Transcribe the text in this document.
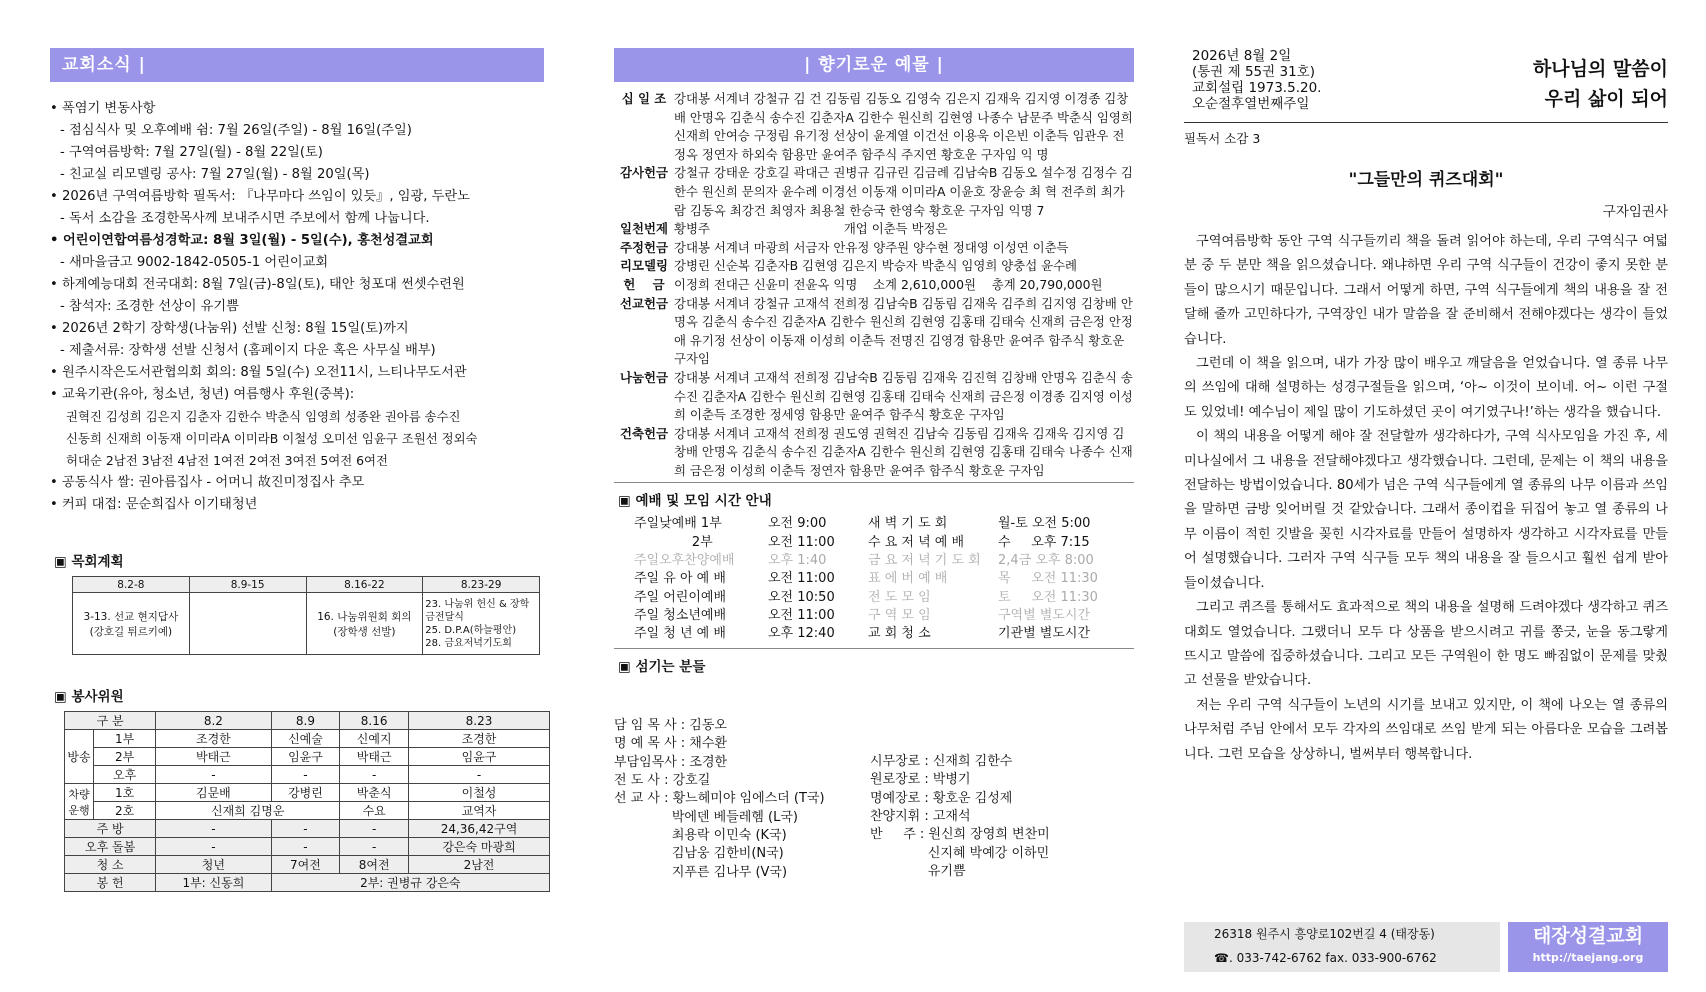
교회소식 |
• 폭염기 변동사항
- 점심식사 및 오후예배 쉼: 7월 26일(주일) - 8월 16일(주일)
- 구역여름방학: 7월 27일(월) - 8월 22일(토)
- 친교실 리모델링 공사: 7월 27일(월) - 8월 20일(목)
• 2026년 구역여름방학 필독서: 『나무마다 쓰임이 있듯』, 임광, 두란노
- 독서 소감을 조경한목사께 보내주시면 주보에서 함께 나눕니다.
• 어린이연합여름성경학교: 8월 3일(월) - 5일(수), 홍천성결교회
- 새마을금고 9002-1842-0505-1 어린이교회
• 하계예능대회 전국대회: 8월 7일(금)-8일(토), 태안 청포대 썬셋수련원
- 참석자: 조경한 선상이 유기쁨
• 2026년 2학기 장학생(나눔위) 선발 신청: 8월 15일(토)까지
- 제출서류: 장학생 선발 신청서 (홈페이지 다운 혹은 사무실 배부)
• 원주시작은도서관협의회 회의: 8월 5일(수) 오전11시, 느티나무도서관
• 교육기관(유아, 청소년, 청년) 여름행사 후원(중복):
권혁진 김성희 김은지 김춘자 김한수 박춘식 임영희 성종완 권아름 송수진
신동희 신재희 이동재 이미라A 이미라B 이철성 오미선 임윤구 조원선 정외숙
허대순 2남전 3남전 4남전 1여전 2여전 3여전 5여전 6여전
• 공동식사 쌀: 권아름집사 - 어머니 故진미정집사 추모
• 커피 대접: 문순희집사 이기태청년
▣ 목회계획
8.2-8	8.9-15	8.16-22	8.23-29
3-13. 선교 현지답사 (강호길 튀르키예)		16. 나눔위원회 회의 (장학생 선발)	23. 나눔위 헌신 & 장학금전달식
25. D.P.A(하늘평안)
28. 금요저녁기도회
▣ 봉사위원
구 분		8.2	8.9	8.16	8.23
방송	1부	조경한	신예술	신예지	조경한
	2부	박태근	임윤구	박태근	임윤구
	오후	-	-	-	-
차량 운행	1호	김문배	강병린	박춘식	이철성
	2호	신재희 김명운		수요	교역자
주 방		-	-	-	24,36,42구역
오후 돌봄		-	-	-	강은숙 마광희
청 소		청년	7여전	8여전	2남전
봉 헌		1부: 신동희	2부: 권병규 강은숙		
| 향기로운 예물 |
십 일 조 강대봉 서계녀 강철규 김 건 김동림 김동오 김영숙 김은지 김재욱 김지영 이경종 김창배 안명옥 김춘식 송수진 김춘자A 김한수 원신희 김현영 나종수 남문주 박춘식 임영희 신재희 안여승 구정림 유기정 선상이 윤계열 이건선 이용욱 이은빈 이춘득 임관우 전정옥 정연자 하외숙 함용만 윤여주 함주식 주지연 황호운 구자임 익 명
감사헌금 강철규 강태운 강호길 곽대근 권병규 김규린 김금례 김남숙B 김동오 설수정 김정수 김한수 원신희 문의자 윤수례 이경선 이동재 이미라A 이윤호 장윤승 최 혁 전주희 최가람 김동옥 최강건 최영자 최용철 한승국 한영숙 황호운 구자임 익명 7
일천번제 황병주                                  개업 이춘득 박정은
주정헌금 강대봉 서계녀 마광희 서금자 안유정 양주원 양수현 정대영 이성연 이춘득
리모델링 강병린 신순복 김춘자B 김현영 김은지 박승자 박춘식 임영희 양충섭 윤수례
헌    금 이정희 전대근 신윤미 전윤옥 익명    소계 2,610,000원    총계 20,790,000원
선교헌금 강대봉 서계녀 강철규 고재석 전희정 김남숙B 김동림 김재욱 김주희 김지영 김창배 안명옥 김춘식 송수진 김춘자A 김한수 원신희 김현영 김홍태 김태숙 신재희 금은정 안정애 유기정 선상이 이동재 이성희 이춘득 전명진 김영경 함용만 윤여주 함주식 황호운 구자임
나눔헌금 강대봉 서계녀 고재석 전희정 김남숙B 김동림 김재욱 김진혁 김창배 안명옥 김춘식 송수진 김춘자A 김한수 원신희 김현영 김홍태 김태숙 신재희 금은정 이경종 김지영 이성희 이춘득 조경한 정세영 함용만 윤여주 함주식 황호운 구자임
건축헌금 강대봉 서계녀 고재석 전희정 권도영 권혁진 김남숙 김동림 김재욱 김재욱 김지영 김창배 안명옥 김춘식 송수진 김춘자A 김한수 원신희 김현영 김홍태 김태숙 나종수 신재희 금은정 이성희 이춘득 정연자 함용만 윤여주 함주식 황호운 구자임
▣ 예배 및 모임 시간 안내
주일낮예배 1부	오전 9:00	새 벽 기 도 회	월-토 오전 5:00
2부	오전 11:00	수 요 저 녁 예 배	수     오후 7:15
주일오후찬양예배	오후 1:40	금 요 저 녁 기 도 회	2,4금 오후 8:00
주일 유 아 예 배	오전 11:00	표 에 버 예 배	목     오전 11:30
주일 어린이예배	오전 10:50	전 도 모 임	토     오전 11:30
주일 청소년예배	오전 11:00	구 역 모 임	구역별 별도시간
주일 청 년 예 배	오후 12:40	교 회 청 소	기관별 별도시간
▣ 섬기는 분들

담 임 목 사 : 김동오
명 예 목 사 : 채수환
부담임목사 : 조경한
전 도 사 : 강호길
선 교 사 : 황느헤미야 임에스더 (T국)
박에덴 베들레헴 (L국)
최용락 이민숙 (K국)
김남웅 김한비(N국)
지푸른 김나무 (V국)

시무장로 : 신재희 김한수
원로장로 : 박병기
명예장로 : 황호운 김성제
찬양지휘 : 고재석
반     주 : 원신희 장영희 변찬미
신지혜 박예강 이하민
유기쁨

2026년 8월 2일
(통권 제 55권 31호)
교회설립 1973.5.20.
오순절후열번째주일
하나님의 말씀이
우리 삶이 되어
필독서 소감 3
"그들만의 퀴즈대회"
구자임권사

구역여름방학 동안 구역 식구들끼리 책을 돌려 읽어야 하는데, 우리 구역식구 여덟 분 중 두 분만 책을 읽으셨습니다. 왜냐하면 우리 구역 식구들이 건강이 좋지 못한 분들이 많으시기 때문입니다. 그래서 어떻게 하면, 구역 식구들에게 책의 내용을 잘 전달해 줄까 고민하다가, 구역장인 내가 말씀을 잘 준비해서 전해야겠다는 생각이 들었습니다.

그런데 이 책을 읽으며, 내가 가장 많이 배우고 깨달음을 얻었습니다. 열 종류 나무의 쓰임에 대해 설명하는 성경구절들을 읽으며, ‘아~ 이것이 보이네. 어~ 이런 구절도 있었네! 예수님이 제일 많이 기도하셨던 곳이 여기였구나!’하는 생각을 했습니다.

이 책의 내용을 어떻게 해야 잘 전달할까 생각하다가, 구역 식사모임을 가진 후, 세미나실에서 그 내용을 전달해야겠다고 생각했습니다. 그런데, 문제는 이 책의 내용을 전달하는 방법이었습니다. 80세가 넘은 구역 식구들에게 열 종류의 나무 이름과 쓰임을 말하면 금방 잊어버릴 것 같았습니다. 그래서 종이컵을 뒤집어 놓고 열 종류의 나무 이름이 적힌 깃발을 꽂힌 시각자료를 만들어 설명하자 생각하고 시각자료를 만들어 설명했습니다. 그러자 구역 식구들 모두 책의 내용을 잘 들으시고 훨씬 쉽게 받아들이셨습니다.

그리고 퀴즈를 통해서도 효과적으로 책의 내용을 설명해 드려야겠다 생각하고 퀴즈대회도 열었습니다. 그랬더니 모두 다 상품을 받으시려고 귀를 쫑긋, 눈을 동그랗게 뜨시고 말씀에 집중하셨습니다. 그리고 모든 구역원이 한 명도 빠짐없이 문제를 맞췄고 선물을 받았습니다.

저는 우리 구역 식구들이 노년의 시기를 보내고 있지만, 이 책에 나오는 열 종류의 나무처럼 주님 안에서 모두 각자의 쓰임대로 쓰임 받게 되는 아름다운 모습을 그려봅니다. 그런 모습을 상상하니, 벌써부터 행복합니다.

26318 원주시 흥양로102번길 4 (태장동)
☎. 033-742-6762 fax. 033-900-6762
태장성결교회
http://taejang.org
